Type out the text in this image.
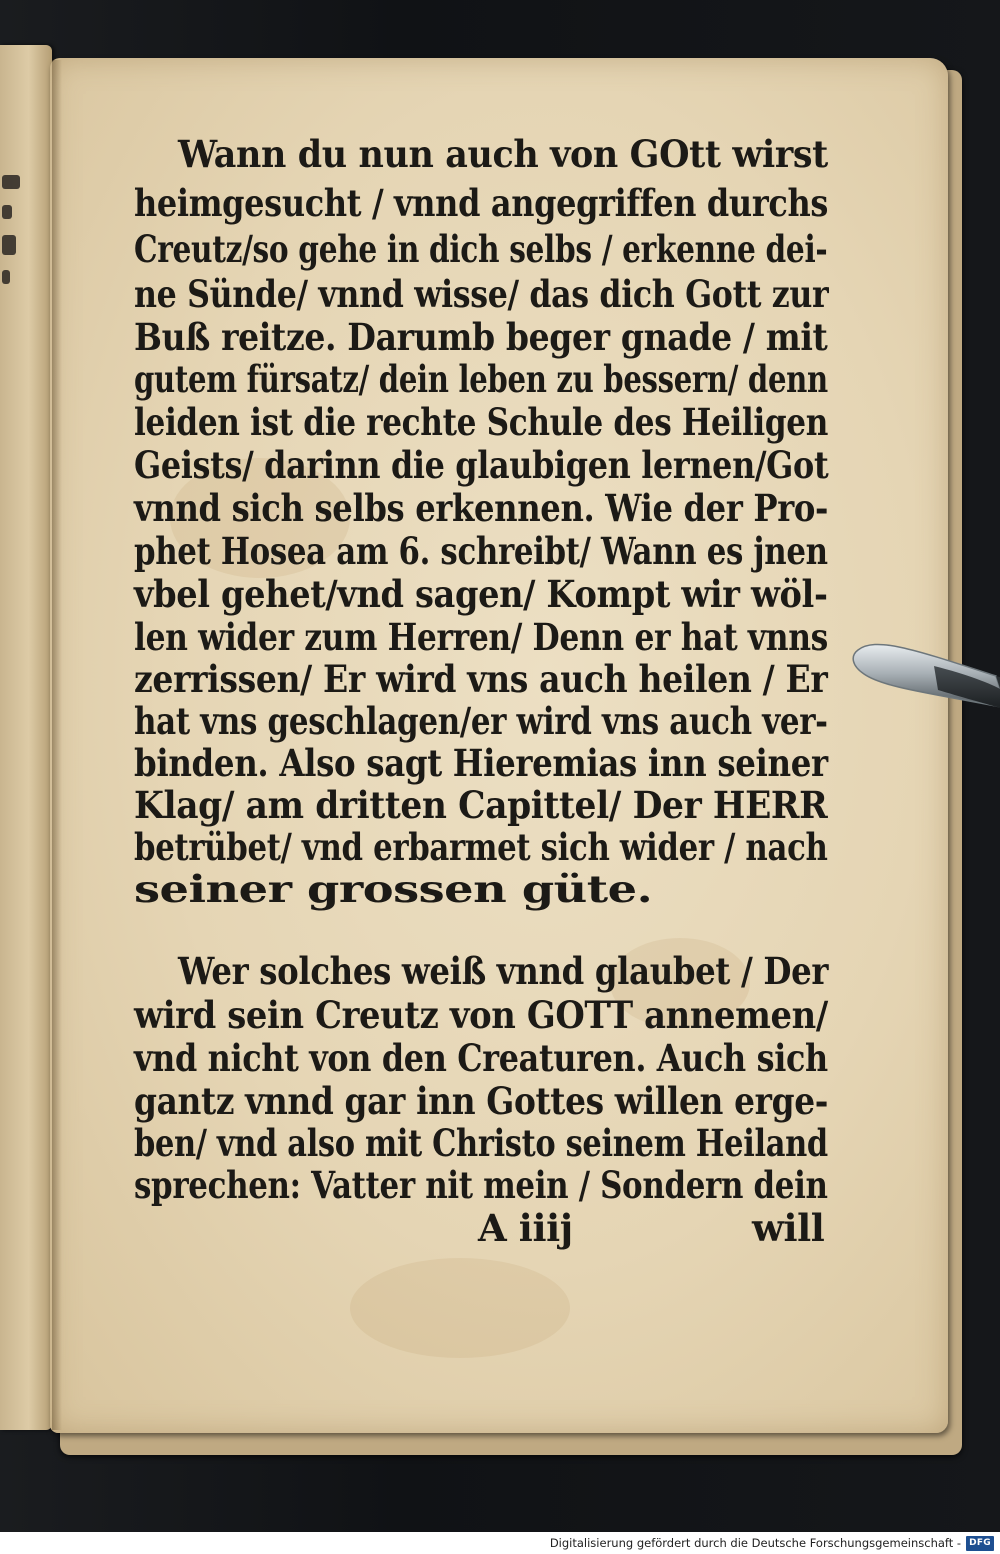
Wann du nun auch von GOtt wirst
heimgesucht / vnnd angegriffen durchs
Creutz/so gehe in dich selbs / erkenne dei-
ne Sünde/ vnnd wisse/ das dich Gott zur
Buß reitze. Darumb beger gnade / mit
gutem fürsatz/ dein leben zu bessern/ denn
leiden ist die rechte Schule des Heiligen
Geists/ darinn die glaubigen lernen/Got
vnnd sich selbs erkennen. Wie der Pro-
phet Hosea am 6. schreibt/ Wann es jnen
vbel gehet/vnd sagen/ Kompt wir wöl-
len wider zum Herren/ Denn er hat vnns
zerrissen/ Er wird vns auch heilen / Er
hat vns geschlagen/er wird vns auch ver-
binden. Also sagt Hieremias inn seiner
Klag/ am dritten Capittel/ Der HERR
betrübet/ vnd erbarmet sich wider / nach
seiner grossen güte.
Wer solches weiß vnnd glaubet / Der
wird sein Creutz von GOTT annemen/
vnd nicht von den Creaturen. Auch sich
gantz vnnd gar inn Gottes willen erge-
ben/ vnd also mit Christo seinem Heiland
sprechen: Vatter nit mein / Sondern dein
A iiij	will
Digitalisierung gefördert durch die Deutsche Forschungsgemeinschaft - DFG
